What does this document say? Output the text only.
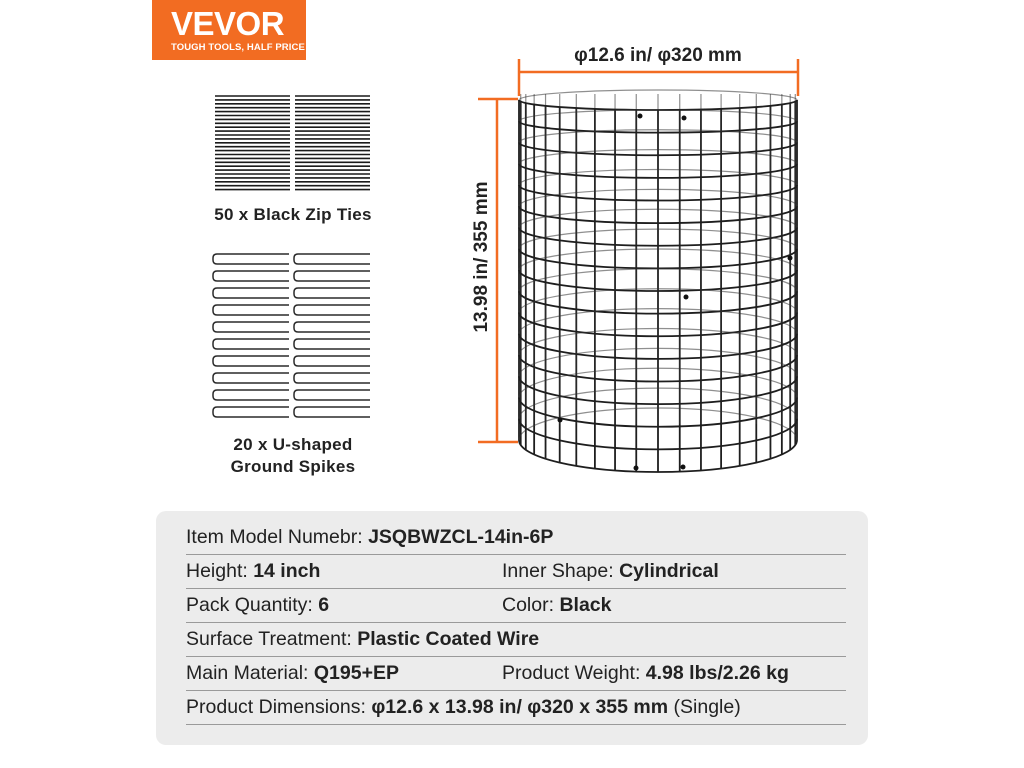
VEVOR
TOUGH TOOLS, HALF PRICE
50 x Black Zip Ties
20 x U-shaped
Ground Spikes
φ12.6 in/ φ320 mm
13.98 in/ 355 mm
Item Model Numebr: JSQBWZCL-14in-6P
Height: 14 inch	Inner Shape: Cylindrical
Pack Quantity: 6	Color: Black
Surface Treatment: Plastic Coated Wire
Main Material: Q195+EP	Product Weight: 4.98 lbs/2.26 kg
Product Dimensions: φ12.6 x 13.98 in/ φ320 x 355 mm (Single)
